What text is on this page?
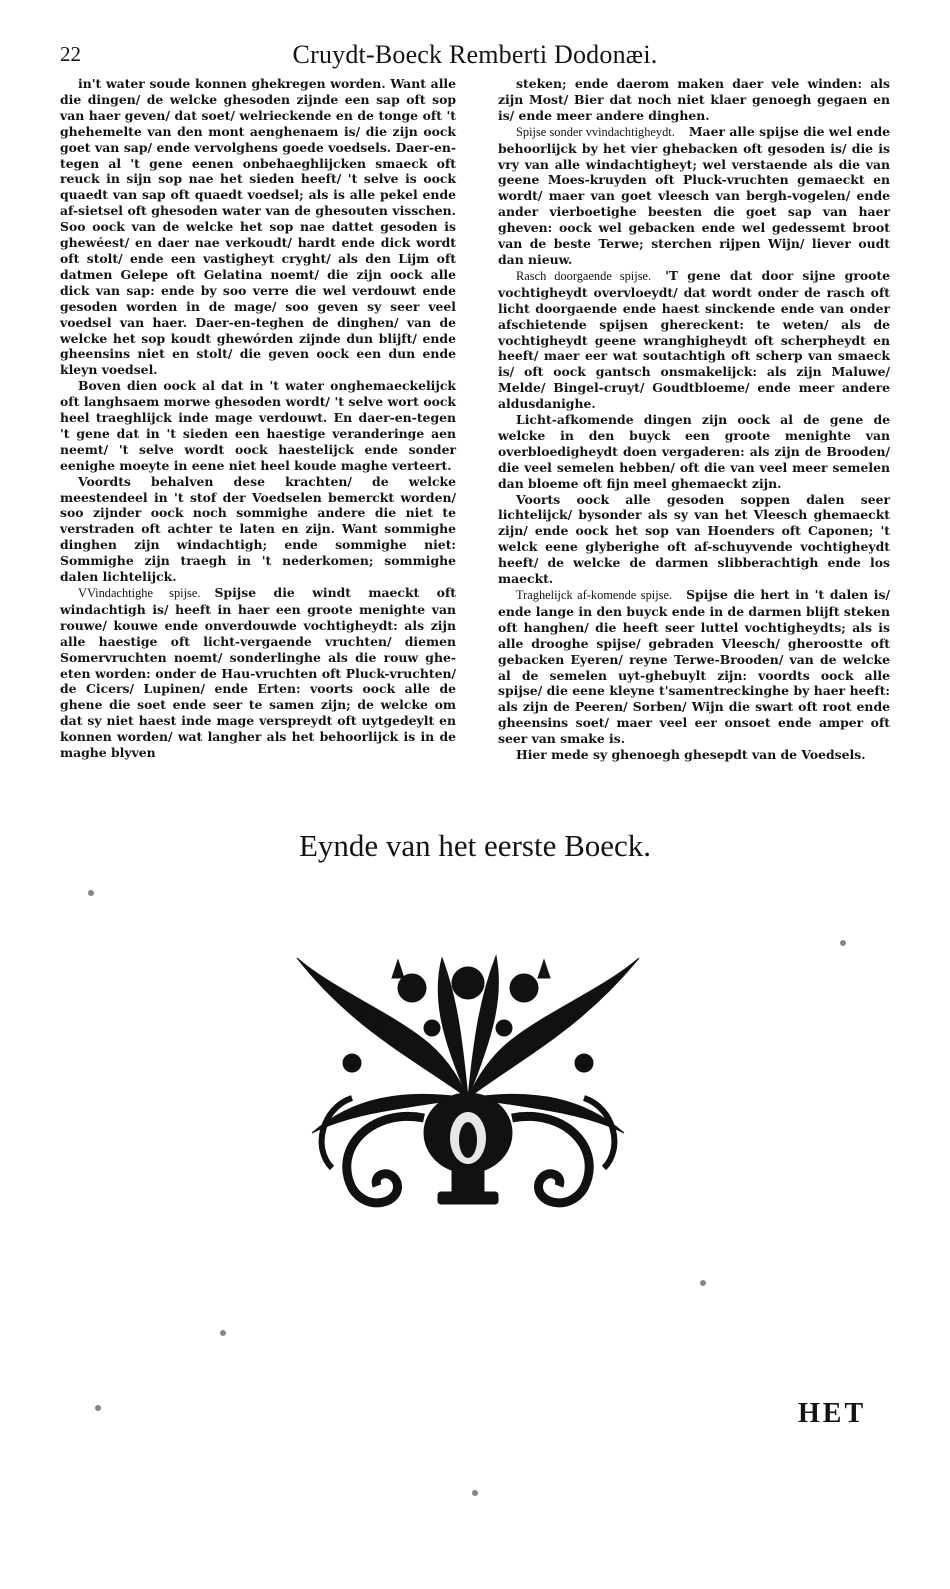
22	Cruydt-Boeck Remberti Dodonæi.

in't water soude konnen ghekregen worden. Want alle die dingen/ de welcke ghesoden zijnde een sap oft sop van haer geven/ dat soet/ welrieckende en de tonge oft 't ghehemelte van den mont aenghenaem is/ die zijn oock goet van sap/ ende vervolghens goede voedsels. Daer-en-tegen al 't gene eenen onbehaeghlijcken smaeck oft reuck in sijn sop nae het sieden heeft/ 't selve is oock quaedt van sap oft quaedt voedsel; als is alle pekel ende af-sietsel oft ghesoden water van de ghesouten visschen. Soo oock van de welcke het sop nae dattet gesoden is ghewéest/ en daer nae verkoudt/ hardt ende dick wordt oft stolt/ ende een vastigheyt cryght/ als den Lijm oft datmen Gelepe oft Gelatina noemt/ die zijn oock alle dick van sap: ende by soo verre die wel verdouwt ende gesoden worden in de mage/ soo geven sy seer veel voedsel van haer. Daer-en-teghen de dinghen/ van de welcke het sop koudt ghewórden zijnde dun blijft/ ende gheensins niet en stolt/ die geven oock een dun ende kleyn voedsel.

Boven dien oock al dat in 't water onghemaeckelijck oft langhsaem morwe ghesoden wordt/ 't selve wort oock heel traeghlijck inde mage verdouwt. En daer-en-tegen 't gene dat in 't sieden een haestige veranderinge aen neemt/ 't selve wordt oock haestelijck ende sonder eenighe moeyte in eene niet heel koude maghe verteert.

Voordts behalven dese krachten/ de welcke meestendeel in 't stof der Voedselen bemerckt worden/ soo zijnder oock noch sommighe andere die niet te verstraden oft achter te laten en zijn. Want sommighe dinghen zijn windachtigh; ende sommighe niet: Sommighe zijn traegh in 't nederkomen; sommighe dalen lichtelijck.

VVindachtighe spijse. Spijse die windt maeckt oft windachtigh is/ heeft in haer een groote menighte van rouwe/ kouwe ende onverdouwde vochtigheydt: als zijn alle haestige oft licht-vergaende vruchten/ diemen Somervruchten noemt/ sonderlinghe als die rouw ghe-eten worden: onder de Hau-vruchten oft Pluck-vruchten/ de Cicers/ Lupinen/ ende Erten: voorts oock alle de ghene die soet ende seer te samen zijn; de welcke om dat sy niet haest inde mage verspreydt oft uytgedeylt en konnen worden/ wat langher als het behoorlijck is in de maghe blyven

steken; ende daerom maken daer vele winden: als zijn Most/ Bier dat noch niet klaer genoegh gegaen en is/ ende meer andere dinghen.

Spijse sonder vvindachtigheydt. Maer alle spijse die wel ende behoorlijck by het vier ghebacken oft gesoden is/ die is vry van alle windachtigheyt; wel verstaende als die van geene Moes-kruyden oft Pluck-vruchten gemaeckt en wordt/ maer van goet vleesch van bergh-vogelen/ ende ander vierboetighe beesten die goet sap van haer gheven: oock wel gebacken ende wel gedessemt broot van de beste Terwe; sterchen rijpen Wijn/ liever oudt dan nieuw.

Rasch doorgaende spijse. 'T gene dat door sijne groote vochtigheydt overvloeydt/ dat wordt onder de rasch oft licht doorgaende ende haest sinckende ende van onder afschietende spijsen ghereckent: te weten/ als de vochtigheydt geene wranghigheydt oft scherpheydt en heeft/ maer eer wat soutachtigh oft scherp van smaeck is/ oft oock gantsch onsmakelijck: als zijn Maluwe/ Melde/ Bingel-cruyt/ Goudtbloeme/ ende meer andere aldusdanighe.

Licht-afkomende dingen zijn oock al de gene de welcke in den buyck een groote menighte van overbloedigheydt doen vergaderen: als zijn de Brooden/ die veel semelen hebben/ oft die van veel meer semelen dan bloeme oft fijn meel ghemaeckt zijn.

Voorts oock alle gesoden soppen dalen seer lichtelijck/ bysonder als sy van het Vleesch ghemaeckt zijn/ ende oock het sop van Hoenders oft Caponen; 't welck eene glyberighe oft af-schuyvende vochtigheydt heeft/ de welcke de darmen slibberachtigh ende los maeckt.

Traghelijck af-komende spijse. Spijse die hert in 't dalen is/ ende lange in den buyck ende in de darmen blijft steken oft hanghen/ die heeft seer luttel vochtigheydts; als is alle drooghe spijse/ gebraden Vleesch/ gheroostte oft gebacken Eyeren/ reyne Terwe-Brooden/ van de welcke al de semelen uyt-ghebuylt zijn: voordts oock alle spijse/ die eene kleyne t'samentreckinghe by haer heeft: als zijn de Peeren/ Sorben/ Wijn die swart oft root ende gheensins soet/ maer veel eer onsoet ende amper oft seer van smake is.

Hier mede sy ghenoegh ghesepdt van de Voedsels.

Eynde van het eerste Boeck.
HET
